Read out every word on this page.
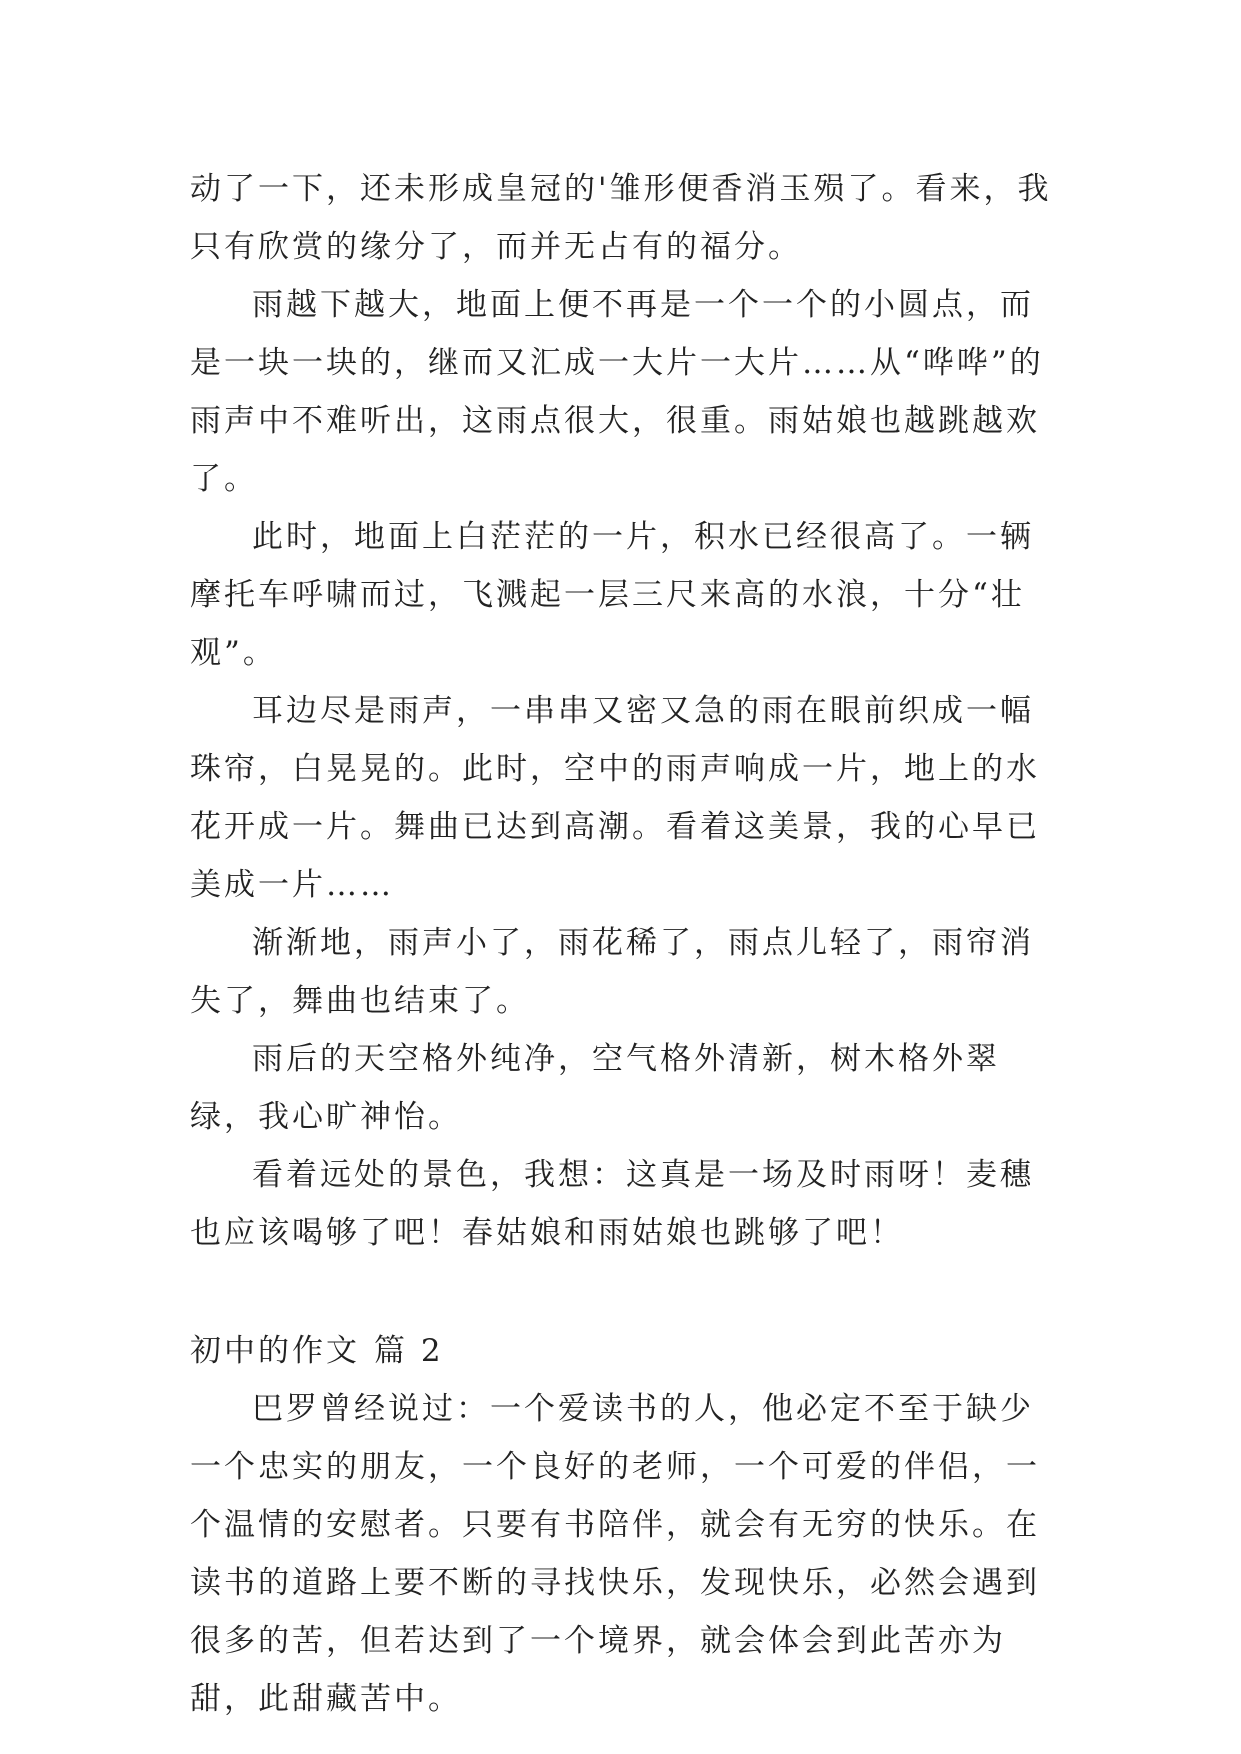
动了一下，还未形成皇冠的'雏形便香消玉殒了。看来，我只有欣赏的缘分了，而并无占有的福分。

雨越下越大，地面上便不再是一个一个的小圆点，而是一块一块的，继而又汇成一大片一大片……从“哗哗”的雨声中不难听出，这雨点很大，很重。雨姑娘也越跳越欢了。

此时，地面上白茫茫的一片，积水已经很高了。一辆摩托车呼啸而过，飞溅起一层三尺来高的水浪，十分“壮观”。

耳边尽是雨声，一串串又密又急的雨在眼前织成一幅珠帘，白晃晃的。此时，空中的雨声响成一片，地上的水花开成一片。舞曲已达到高潮。看着这美景，我的心早已美成一片……

渐渐地，雨声小了，雨花稀了，雨点儿轻了，雨帘消失了，舞曲也结束了。

雨后的天空格外纯净，空气格外清新，树木格外翠绿，我心旷神怡。

看着远处的景色，我想：这真是一场及时雨呀！麦穗也应该喝够了吧！春姑娘和雨姑娘也跳够了吧！

初中的作文 篇 2

巴罗曾经说过：一个爱读书的人，他必定不至于缺少一个忠实的朋友，一个良好的老师，一个可爱的伴侣，一个温情的安慰者。只要有书陪伴，就会有无穷的快乐。在读书的道路上要不断的寻找快乐，发现快乐，必然会遇到很多的苦，但若达到了一个境界，就会体会到此苦亦为甜，此甜藏苦中。
